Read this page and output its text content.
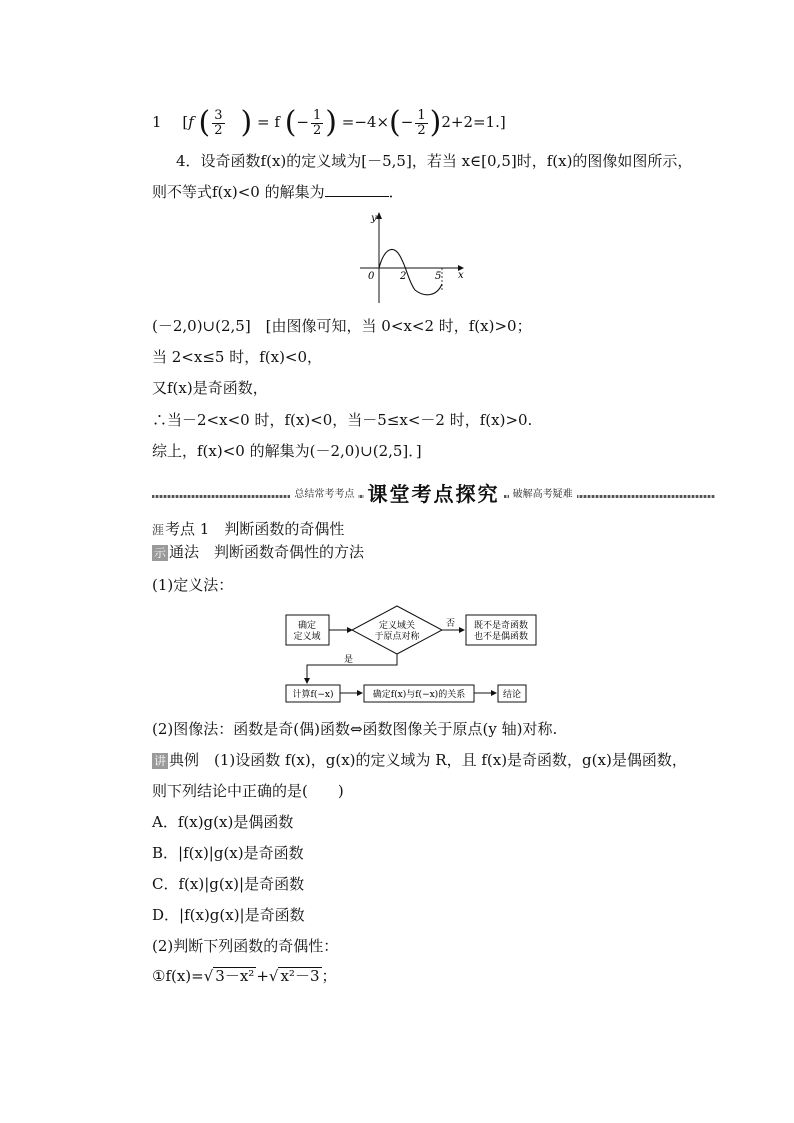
1 [f ( $\frac{3}{2}$ ) = f (− $\frac{1}{2}$ ) $=-4\times(- \frac{1}{2} )2+2=1$.]
4．设奇函数f(x)的定义域为[－5,5]，若当 x∈[0,5]时，f(x)的图像如图所示，
则不等式f(x)<0 的解集为	．
y
x
0	2	5
(－2,0)∪(2,5]　[由图像可知，当 0<x<2 时，f(x)>0；
当 2<x≤5 时，f(x)<0，
又f(x)是奇函数，
∴当－2<x<0 时，f(x)<0，当－5≤x<－2 时，f(x)>0.
综上，f(x)<0 的解集为(－2,0)∪(2,5]．]
总结常考考点 课堂考点探究 破解高考疑难
涯考点 1　判断函数的奇偶性
示 通法　判断函数奇偶性的方法
(1)定义法：
确定
定义域
定义域关
于原点对称
否 既不是奇函数
也不是偶函数
是
计算f(−x)	确定f(x)与f(−x)的关系	结论
(2)图像法：函数是奇(偶)函数⇔函数图像关于原点(y 轴)对称.
讲 典例　(1)设函数 f(x)，g(x)的定义域为 R，且 f(x)是奇函数，g(x)是偶函数，
则下列结论中正确的是(　　)
A．f(x)g(x)是偶函数
B．|f(x)|g(x)是奇函数
C．f(x)|g(x)|是奇函数
D．|f(x)g(x)|是奇函数
(2)判断下列函数的奇偶性：
①f(x)=√ 3－x² +√ x²－3 ；
